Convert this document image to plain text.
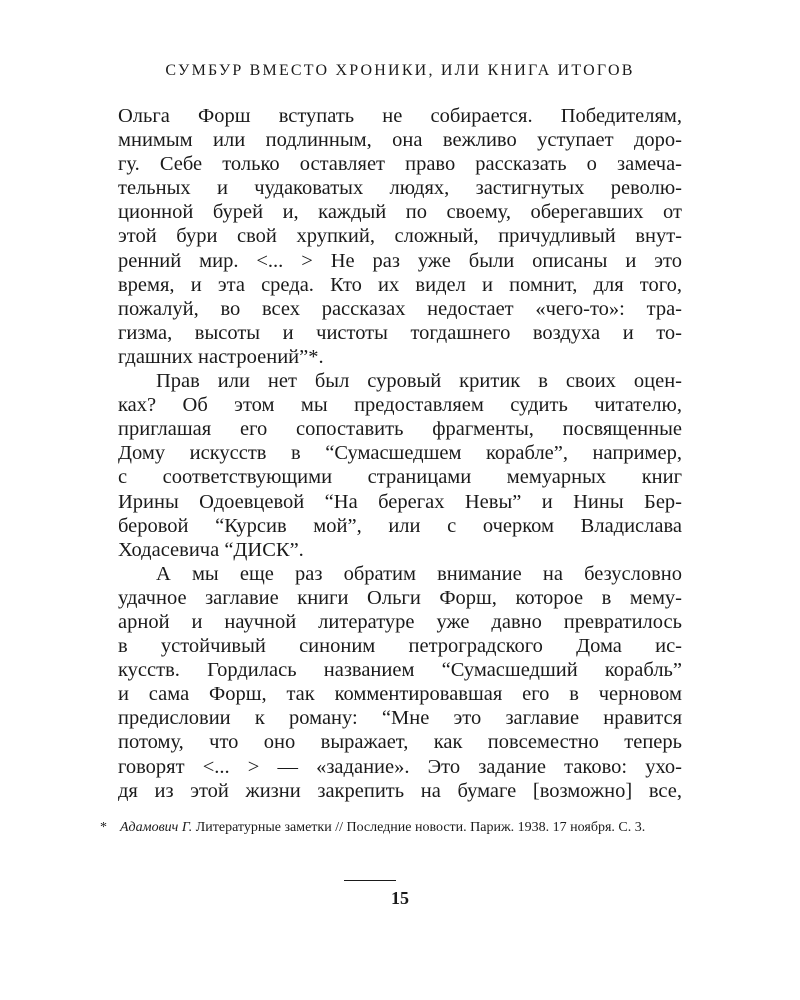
СУМБУР ВМЕСТО ХРОНИКИ, ИЛИ КНИГА ИТОГОВ
Ольга Форш вступать не собирается. Победителям,
мнимым или подлинным, она вежливо уступает доро-
гу. Себе только оставляет право рассказать о замеча-
тельных и чудаковатых людях, застигнутых револю-
ционной бурей и, каждый по своему, оберегавших от
этой бури свой хрупкий, сложный, причудливый внут-
ренний мир. <... > Не раз уже были описаны и это
время, и эта среда. Кто их видел и помнит, для того,
пожалуй, во всех рассказах недостает «чего-то»: тра-
гизма, высоты и чистоты тогдашнего воздуха и то-
гдашних настроений”*.
Прав или нет был суровый критик в своих оцен-
ках? Об этом мы предоставляем судить читателю,
приглашая его сопоставить фрагменты, посвященные
Дому искусств в “Сумасшедшем корабле”, например,
с соответствующими страницами мемуарных книг
Ирины Одоевцевой “На берегах Невы” и Нины Бер-
беровой “Курсив мой”, или с очерком Владислава
Ходасевича “ДИСК”.
А мы еще раз обратим внимание на безусловно
удачное заглавие книги Ольги Форш, которое в мему-
арной и научной литературе уже давно превратилось
в устойчивый синоним петроградского Дома ис-
кусств. Гордилась названием “Сумасшедший корабль”
и сама Форш, так комментировавшая его в черновом
предисловии к роману: “Мне это заглавие нравится
потому, что оно выражает, как повсеместно теперь
говорят <... > — «задание». Это задание таково: ухо-
дя из этой жизни закрепить на бумаге [возможно] все,
* Адамович Г. Литературные заметки // Последние новости. Париж. 1938. 17 ноября. С. 3.
15
